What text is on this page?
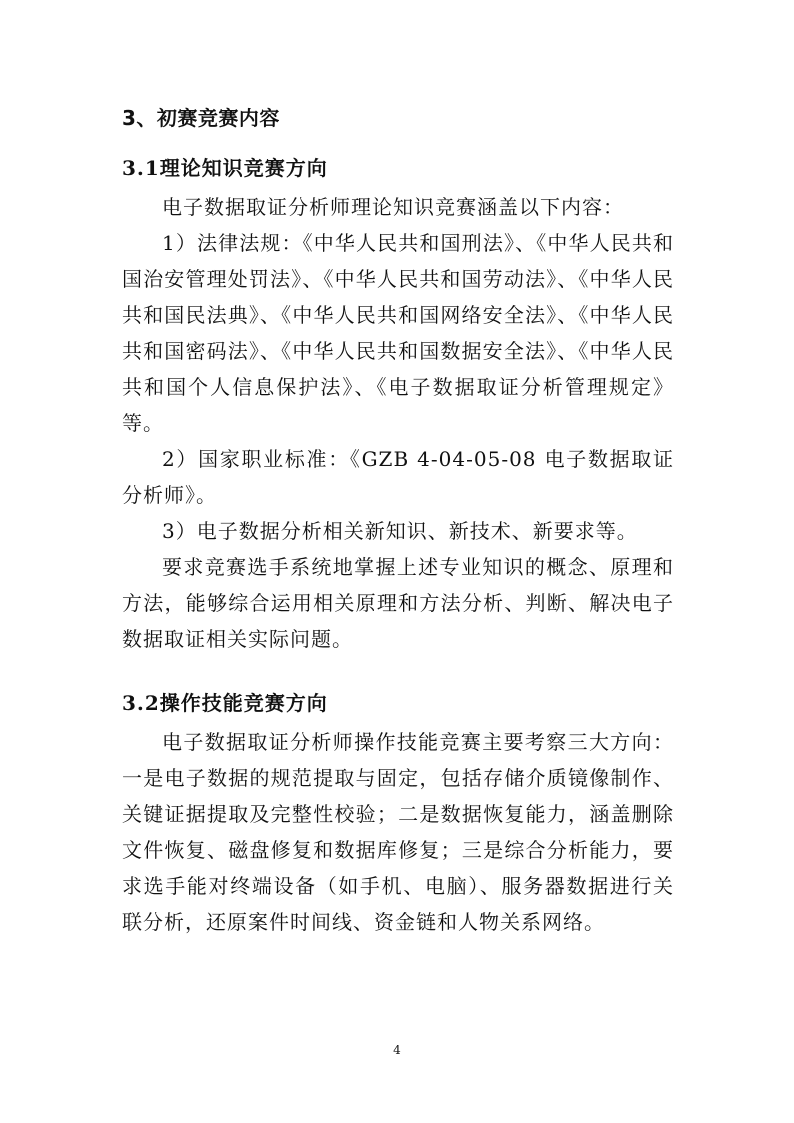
3、初赛竞赛内容
3.1理论知识竞赛方向

电子数据取证分析师理论知识竞赛涵盖以下内容：

1）法律法规：《中华人民共和国刑法》、《中华人民共和国治安管理处罚法》、《中华人民共和国劳动法》、《中华人民共和国民法典》、《中华人民共和国网络安全法》、《中华人民共和国密码法》、《中华人民共和国数据安全法》、《中华人民共和国个人信息保护法》、《电子数据取证分析管理规定》等。

2）国家职业标准：《GZB 4-04-05-08 电子数据取证分析师》。

3）电子数据分析相关新知识、新技术、新要求等。

要求竞赛选手系统地掌握上述专业知识的概念、原理和方法，能够综合运用相关原理和方法分析、判断、解决电子数据取证相关实际问题。

3.2操作技能竞赛方向

电子数据取证分析师操作技能竞赛主要考察三大方向：一是电子数据的规范提取与固定，包括存储介质镜像制作、关键证据提取及完整性校验；二是数据恢复能力，涵盖删除文件恢复、磁盘修复和数据库修复；三是综合分析能力，要求选手能对终端设备（如手机、电脑）、服务器数据进行关联分析，还原案件时间线、资金链和人物关系网络。

4
